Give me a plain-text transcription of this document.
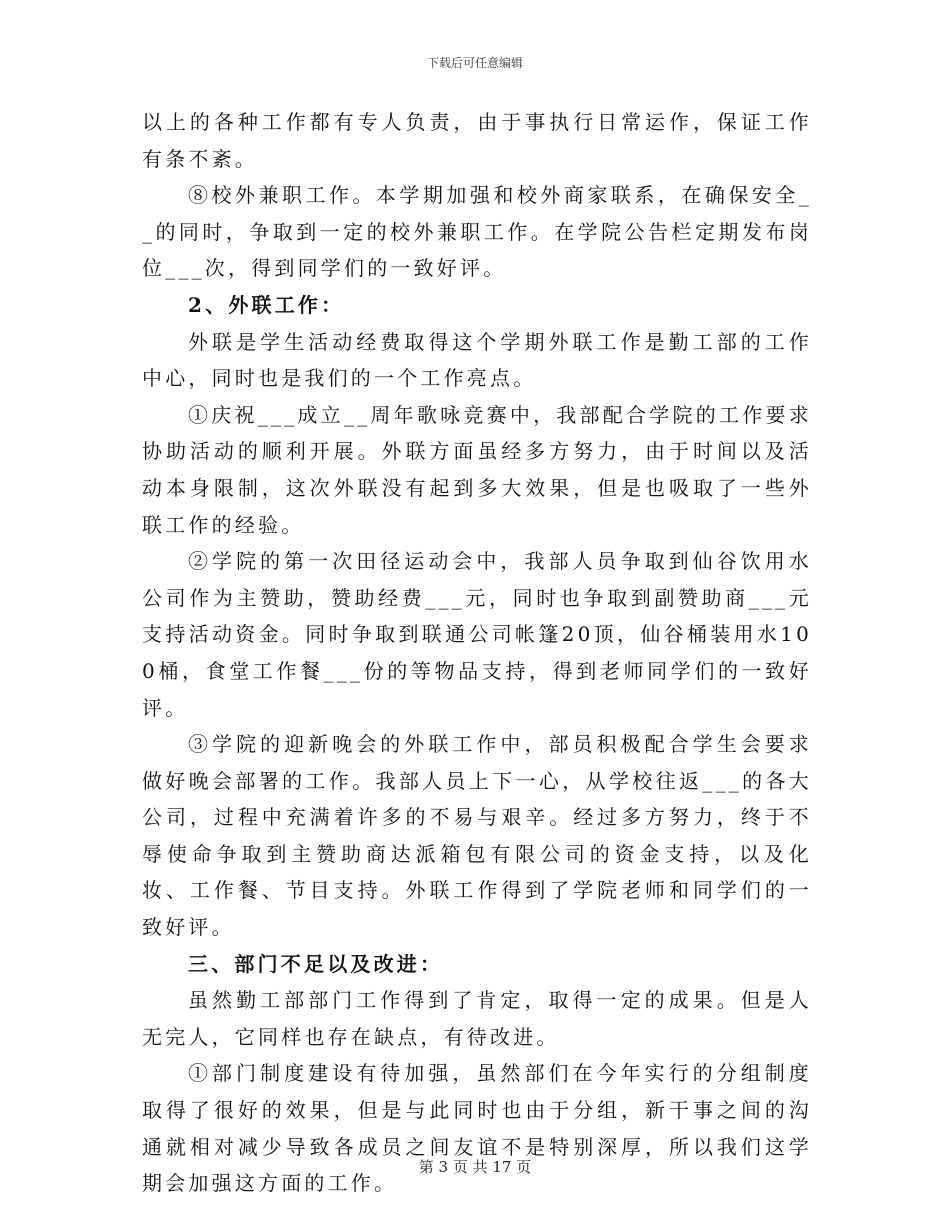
下载后可任意编辑

以上的各种工作都有专人负责，由于事执行日常运作，保证工作有条不紊。

⑧校外兼职工作。本学期加强和校外商家联系，在确保安全__的同时，争取到一定的校外兼职工作。在学院公告栏定期发布岗位___次，得到同学们的一致好评。

2、外联工作：

外联是学生活动经费取得这个学期外联工作是勤工部的工作中心，同时也是我们的一个工作亮点。

①庆祝___成立__周年歌咏竞赛中，我部配合学院的工作要求协助活动的顺利开展。外联方面虽经多方努力，由于时间以及活动本身限制，这次外联没有起到多大效果，但是也吸取了一些外联工作的经验。

②学院的第一次田径运动会中，我部人员争取到仙谷饮用水公司作为主赞助，赞助经费___元，同时也争取到副赞助商___元支持活动资金。同时争取到联通公司帐篷20顶，仙谷桶装用水100桶，食堂工作餐___份的等物品支持，得到老师同学们的一致好评。

③学院的迎新晚会的外联工作中，部员积极配合学生会要求做好晚会部署的工作。我部人员上下一心，从学校往返___的各大公司，过程中充满着许多的不易与艰辛。经过多方努力，终于不辱使命争取到主赞助商达派箱包有限公司的资金支持，以及化妆、工作餐、节目支持。外联工作得到了学院老师和同学们的一致好评。

三、部门不足以及改进：

虽然勤工部部门工作得到了肯定，取得一定的成果。但是人无完人，它同样也存在缺点，有待改进。

①部门制度建设有待加强，虽然部们在今年实行的分组制度取得了很好的效果，但是与此同时也由于分组，新干事之间的沟通就相对减少导致各成员之间友谊不是特别深厚，所以我们这学期会加强这方面的工作。

第 3 页 共 17 页
